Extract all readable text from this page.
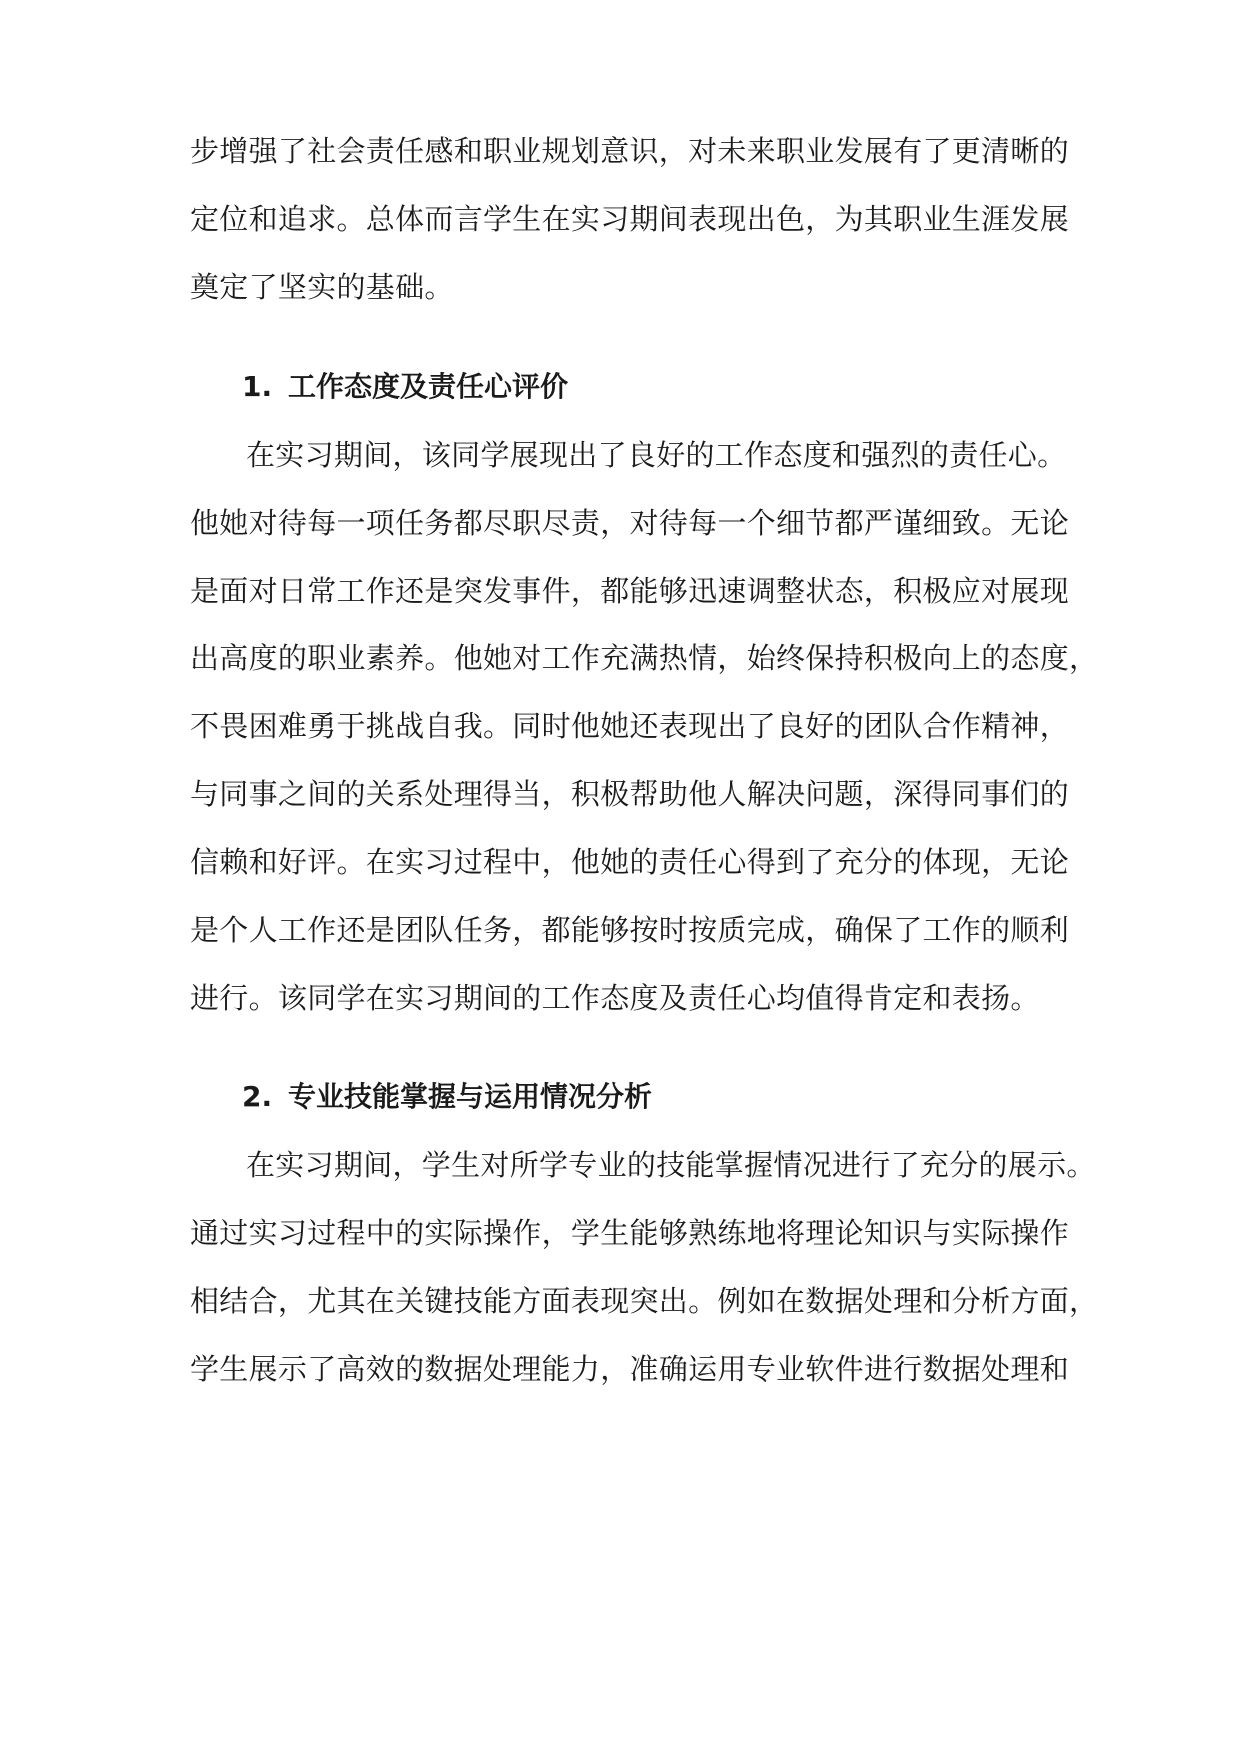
步增强了社会责任感和职业规划意识，对未来职业发展有了更清晰的
定位和追求。总体而言学生在实习期间表现出色，为其职业生涯发展
奠定了坚实的基础。
1. 工作态度及责任心评价
在实习期间，该同学展现出了良好的工作态度和强烈的责任心。
他她对待每一项任务都尽职尽责，对待每一个细节都严谨细致。无论
是面对日常工作还是突发事件，都能够迅速调整状态，积极应对展现
出高度的职业素养。他她对工作充满热情，始终保持积极向上的态度，
不畏困难勇于挑战自我。同时他她还表现出了良好的团队合作精神，
与同事之间的关系处理得当，积极帮助他人解决问题，深得同事们的
信赖和好评。在实习过程中，他她的责任心得到了充分的体现，无论
是个人工作还是团队任务，都能够按时按质完成，确保了工作的顺利
进行。该同学在实习期间的工作态度及责任心均值得肯定和表扬。
2. 专业技能掌握与运用情况分析
在实习期间，学生对所学专业的技能掌握情况进行了充分的展示。
通过实习过程中的实际操作，学生能够熟练地将理论知识与实际操作
相结合，尤其在关键技能方面表现突出。例如在数据处理和分析方面，
学生展示了高效的数据处理能力，准确运用专业软件进行数据处理和
